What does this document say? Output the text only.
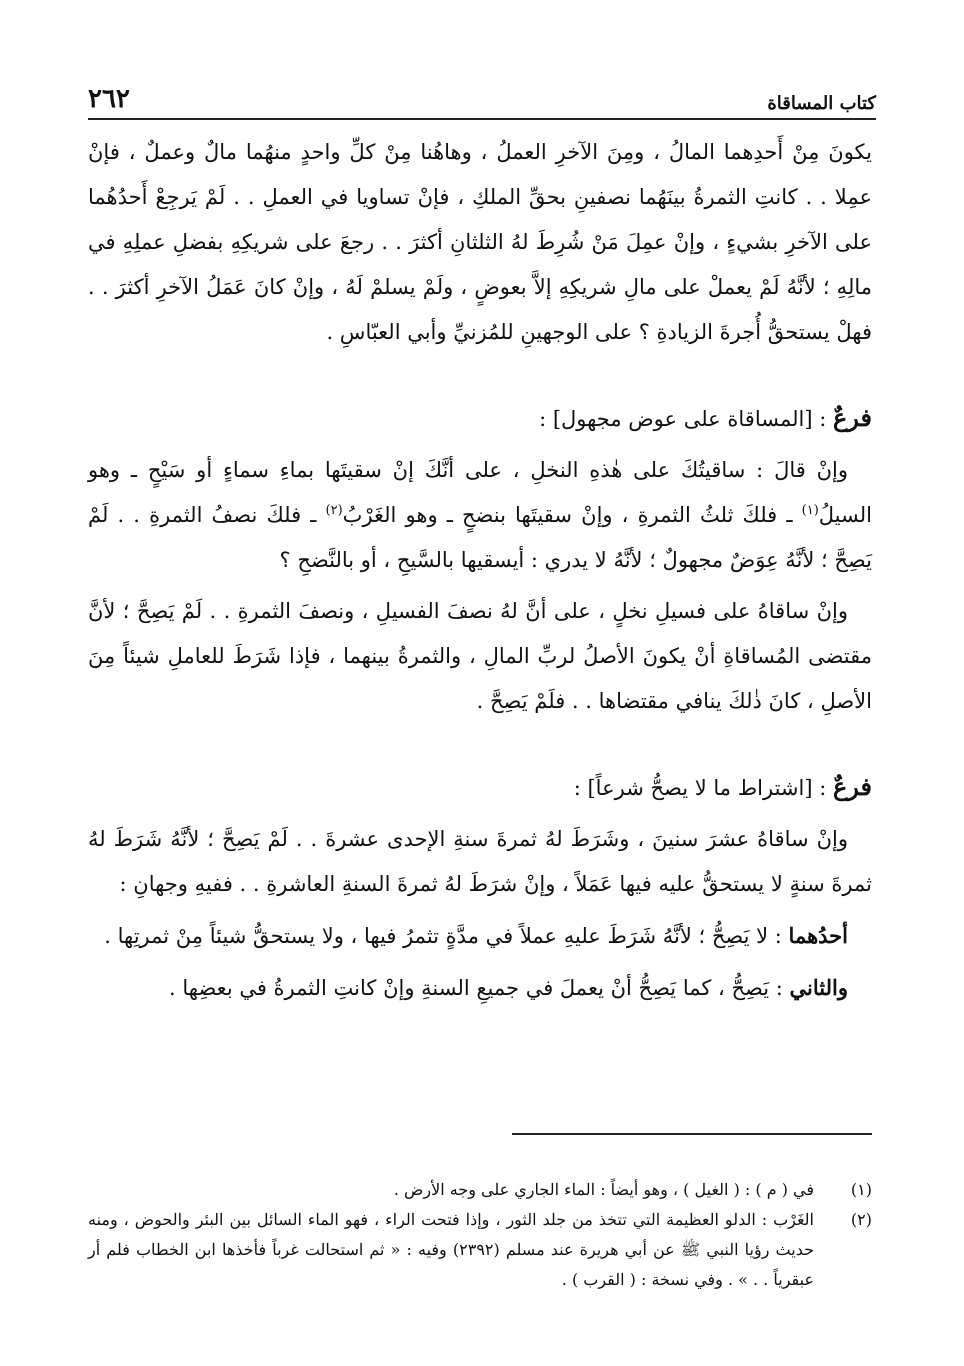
كتاب المساقاة
٢٦٢

يكونَ مِنْ أَحدِهما المالُ ، ومِنَ الآخرِ العملُ ، وهاهُنا مِنْ كلِّ واحدٍ منهُما مالٌ وعملٌ ، فإنْ عمِلا . . كانتِ الثمرةُ بينَهُما نصفينِ بحقِّ الملكِ ، فإنْ تساويا في العملِ . . لَمْ يَرجِعْ أَحدُهُما على الآخرِ بشيءٍ ، وإنْ عمِلَ مَنْ شُرِطَ لهُ الثلثانِ أكثرَ . . رجعَ على شريكِهِ بفضلِ عملِهِ في مالِهِ ؛ لأنَّهُ لَمْ يعملْ على مالِ شريكِهِ إلاَّ بعوضٍ ، ولَمْ يسلمْ لَهُ ، وإنْ كانَ عَمَلُ الآخرِ أكثرَ . . فهلْ يستحقُّ أُجرةَ الزيادةِ ؟ على الوجهينِ للمُزنيِّ وأبي العبّاسِ .

فرعٌ : [المساقاة على عوض مجهول] :

وإنْ قالَ : ساقيتُكَ على هٰذهِ النخلِ ، على أنَّكَ إنْ سقيتَها بماءِ سماءٍ أو سَيْحٍ ـ وهو السيلُ$^{(١)}$ ـ فلكَ ثلثُ الثمرةِ ، وإنْ سقيتَها بنضحٍ ـ وهو الغَرْبُ$^{(٢)}$ ـ فلكَ نصفُ الثمرةِ . . لَمْ يَصِحَّ ؛ لأنَّهُ عِوَضٌ مجهولٌ ؛ لأنَّهُ لا يدري : أيسقيها بالسَّيحِ ، أو بالنَّضحِ ؟

وإنْ ساقاهُ على فسيلِ نخلٍ ، على أنَّ لهُ نصفَ الفسيلِ ، ونصفَ الثمرةِ . . لَمْ يَصِحَّ ؛ لأنَّ مقتضى المُساقاةِ أنْ يكونَ الأصلُ لربِّ المالِ ، والثمرةُ بينهما ، فإذا شَرَطَ للعاملِ شيئاً مِنَ الأصلِ ، كانَ ذٰلكَ ينافي مقتضاها . . فلَمْ يَصِحَّ .

فرعٌ : [اشتراط ما لا يصحُّ شرعاً] :

وإنْ ساقاهُ عشرَ سنينَ ، وشَرَطَ لهُ ثمرةَ سنةِ الإحدى عشرةَ . . لَمْ يَصِحَّ ؛ لأنَّهُ شَرَطَ لهُ ثمرةَ سنةٍ لا يستحقُّ عليه فيها عَمَلاً ، وإنْ شرَطَ لهُ ثمرةَ السنةِ العاشرةِ . . ففيهِ وجهانِ :

أحدُهما : لا يَصِحُّ ؛ لأنَّهُ شَرَطَ عليهِ عملاً في مدَّةٍ تثمرُ فيها ، ولا يستحقُّ شيئاً مِنْ ثمرتِها .

والثاني : يَصِحُّ ، كما يَصِحُّ أنْ يعملَ في جميعِ السنةِ وإنْ كانتِ الثمرةُ في بعضِها .

(١)
في ( م ) : ( الغيل ) ، وهو أيضاً : الماء الجاري على وجه الأرض .
(٢)
الغَرْب : الدلو العظيمة التي تتخذ من جلد الثور ، وإذا فتحت الراء ، فهو الماء السائل بين البئر والحوض ، ومنه حديث رؤيا النبي ﷺ عن أبي هريرة عند مسلم (٢٣٩٢) وفيه : « ثم استحالت غرباً فأخذها ابن الخطاب فلم أر عبقرياً . . » . وفي نسخة : ( القرب ) .
